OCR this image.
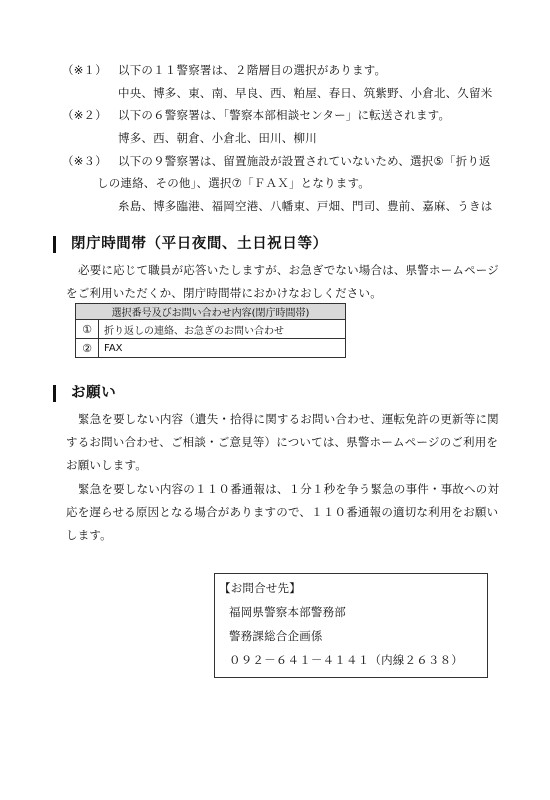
（※１） 以下の１１警察署は、２階層目の選択があります。
中央、博多、東、南、早良、西、粕屋、春日、筑紫野、小倉北、久留米
（※２） 以下の６警察署は、「警察本部相談センター」に転送されます。
博多、西、朝倉、小倉北、田川、柳川
（※３） 以下の９警察署は、留置施設が設置されていないため、選択⑤「折り返
しの連絡、その他」、選択⑦「ＦＡＸ」となります。
糸島、博多臨港、福岡空港、八幡東、戸畑、門司、豊前、嘉麻、うきは
閉庁時間帯（平日夜間、土日祝日等）
必要に応じて職員が応答いたしますが、お急ぎでない場合は、県警ホームページ
をご利用いただくか、閉庁時間帯におかけなおしください。
選択番号及びお問い合わせ内容(閉庁時間帯)	
①	折り返しの連絡、お急ぎのお問い合わせ
②	FAX
お願い
緊急を要しない内容（遺失・拾得に関するお問い合わせ、運転免許の更新等に関
するお問い合わせ、ご相談・ご意見等）については、県警ホームページのご利用を
お願いします。
緊急を要しない内容の１１０番通報は、１分１秒を争う緊急の事件・事故への対
応を遅らせる原因となる場合がありますので、１１０番通報の適切な利用をお願い
します。
【お問合せ先】
福岡県警察本部警務部
警務課総合企画係
０９２－６４１－４１４１（内線２６３８）
